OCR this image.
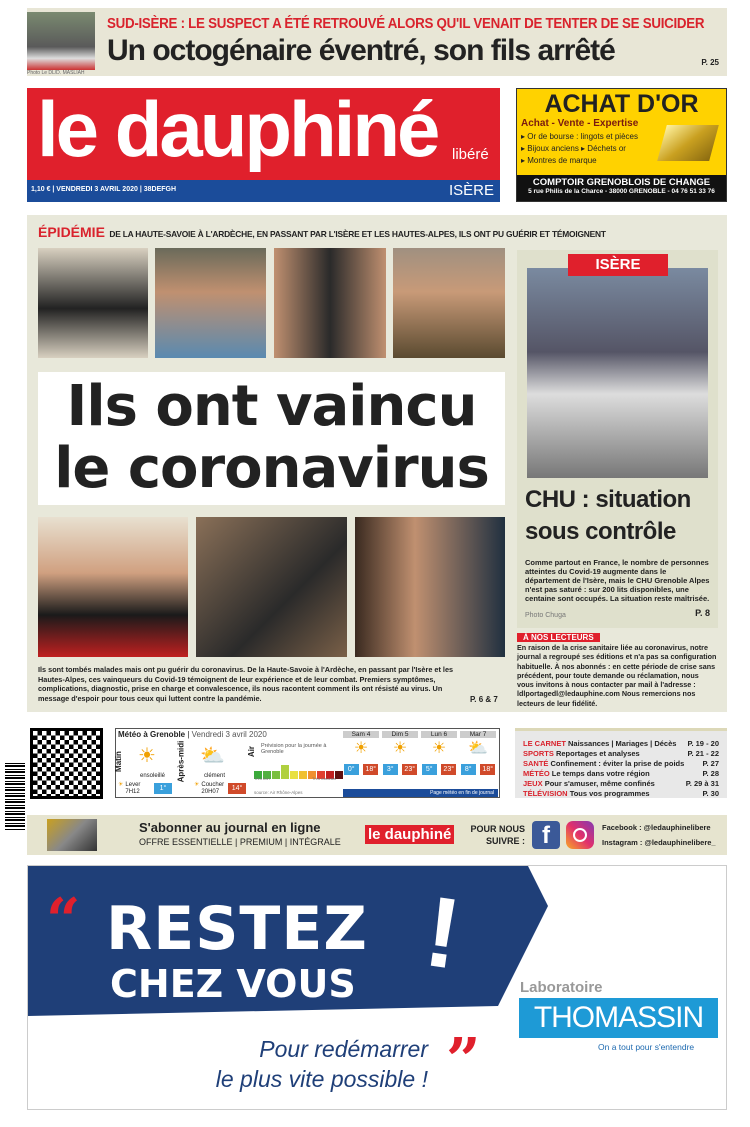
Photo Le DL/D. MASLIAH
SUD-ISÈRE : LE SUSPECT A ÉTÉ RETROUVÉ ALORS QU'IL VENAIT DE TENTER DE SE SUICIDER
Un octogénaire éventré, son fils arrêté	P. 25
le dauphiné libéré
1,10 € | VENDREDI 3 AVRIL 2020 | 38DEFGH	ISÈRE
ACHAT D'OR
Achat - Vente - Expertise
▸ Or de bourse : lingots et pièces
▸ Bijoux anciens ▸ Déchets or
▸ Montres de marque
COMPTOIR GRENOBLOIS DE CHANGE
5 rue Philis de la Charce - 38000 GRENOBLE - 04 76 51 33 76
ÉPIDÉMIE DE LA HAUTE-SAVOIE À L'ARDÈCHE, EN PASSANT PAR L'ISÈRE ET LES HAUTES-ALPES, ILS ONT PU GUÉRIR ET TÉMOIGNENT
Ils ont vaincu
le coronavirus
Ils sont tombés malades mais ont pu guérir du coronavirus. De la Haute-Savoie à l'Ardèche, en passant par l'Isère et les Hautes-Alpes, ces vainqueurs du Covid-19 témoignent de leur expérience et de leur combat. Premiers symptômes, complications, diagnostic, prise en charge et convalescence, ils nous racontent comment ils ont résisté au virus. Un message d'espoir pour tous ceux qui luttent contre la pandémie.	P. 6 & 7
ISÈRE
CHU : situation sous contrôle
Comme partout en France, le nombre de personnes atteintes du Covid-19 augmente dans le département de l'Isère, mais le CHU Grenoble Alpes n'est pas saturé : sur 200 lits disponibles, une centaine sont occupés. La situation reste maîtrisée.
Photo Chuga	P. 8
À NOS LECTEURS
En raison de la crise sanitaire liée au coronavirus, notre journal a regroupé ses éditions et n'a pas sa configuration habituelle. À nos abonnés : en cette période de crise sans précédent, pour toute demande ou réclamation, nous vous invitons à nous contacter par mail à l'adresse : ldlportagedl@ledauphine.com Nous remercions nos lecteurs de leur fidélité.
Météo à Grenoble | Vendredi 3 avril 2020
Matin ☀
ensoleillé
☀ Lever
7H12	1°
Après-midi ⛅
clément
☀ Coucher
20H07	14°
Air Prévision pour la journée à Grenoble
Très bon	Très mauvais
source: Air Rhône-Alpes
Sam 4
☀
0° 18°
Dim 5
☀
3° 23°
Lun 6
☀
5° 23°
Mar 7
⛅
8° 18°
Page météo en fin de journal
LE CARNET Naissances | Mariages | Décès P. 19 - 20
SPORTS Reportages et analyses	P. 21 - 22
SANTÉ Confinement : éviter la prise de poids P. 27
MÉTÉO Le temps dans votre région	P. 28
JEUX Pour s'amuser, même confinés	P. 29 à 31
TÉLÉVISION Tous vos programmes	P. 30
S'abonner au journal en ligne
OFFRE ESSENTIELLE | PREMIUM | INTÉGRALE le dauphiné	POUR NOUS SUIVRE : f	Facebook : @ledauphinelibere
Instagram : @ledauphinelibere_
“ RESTEZ
CHEZ VOUS !
Pour redémarrer
le plus vite possible ! ”
Laboratoire
THOMASSIN
On a tout pour s'entendre
